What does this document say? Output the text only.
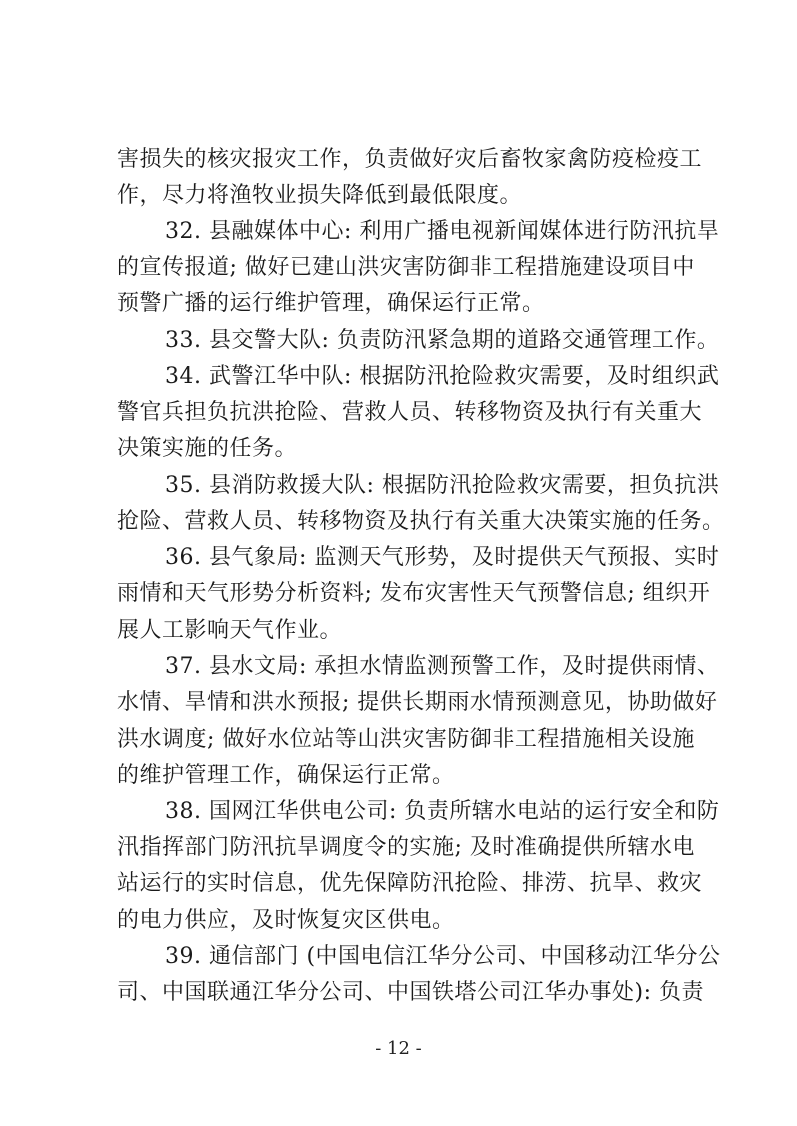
害损失的核灾报灾工作，负责做好灾后畜牧家禽防疫检疫工
作，尽力将渔牧业损失降低到最低限度。
32. 县融媒体中心: 利用广播电视新闻媒体进行防汛抗旱
的宣传报道; 做好已建山洪灾害防御非工程措施建设项目中
预警广播的运行维护管理，确保运行正常。
33. 县交警大队: 负责防汛紧急期的道路交通管理工作。
34. 武警江华中队: 根据防汛抢险救灾需要，及时组织武
警官兵担负抗洪抢险、营救人员、转移物资及执行有关重大
决策实施的任务。
35. 县消防救援大队: 根据防汛抢险救灾需要，担负抗洪
抢险、营救人员、转移物资及执行有关重大决策实施的任务。
36. 县气象局: 监测天气形势，及时提供天气预报、实时
雨情和天气形势分析资料; 发布灾害性天气预警信息; 组织开
展人工影响天气作业。
37. 县水文局: 承担水情监测预警工作，及时提供雨情、
水情、旱情和洪水预报; 提供长期雨水情预测意见，协助做好
洪水调度; 做好水位站等山洪灾害防御非工程措施相关设施
的维护管理工作，确保运行正常。
38. 国网江华供电公司: 负责所辖水电站的运行安全和防
汛指挥部门防汛抗旱调度令的实施; 及时准确提供所辖水电
站运行的实时信息，优先保障防汛抢险、排涝、抗旱、救灾
的电力供应，及时恢复灾区供电。
39. 通信部门 (中国电信江华分公司、中国移动江华分公
司、中国联通江华分公司、中国铁塔公司江华办事处): 负责
- 12 -
